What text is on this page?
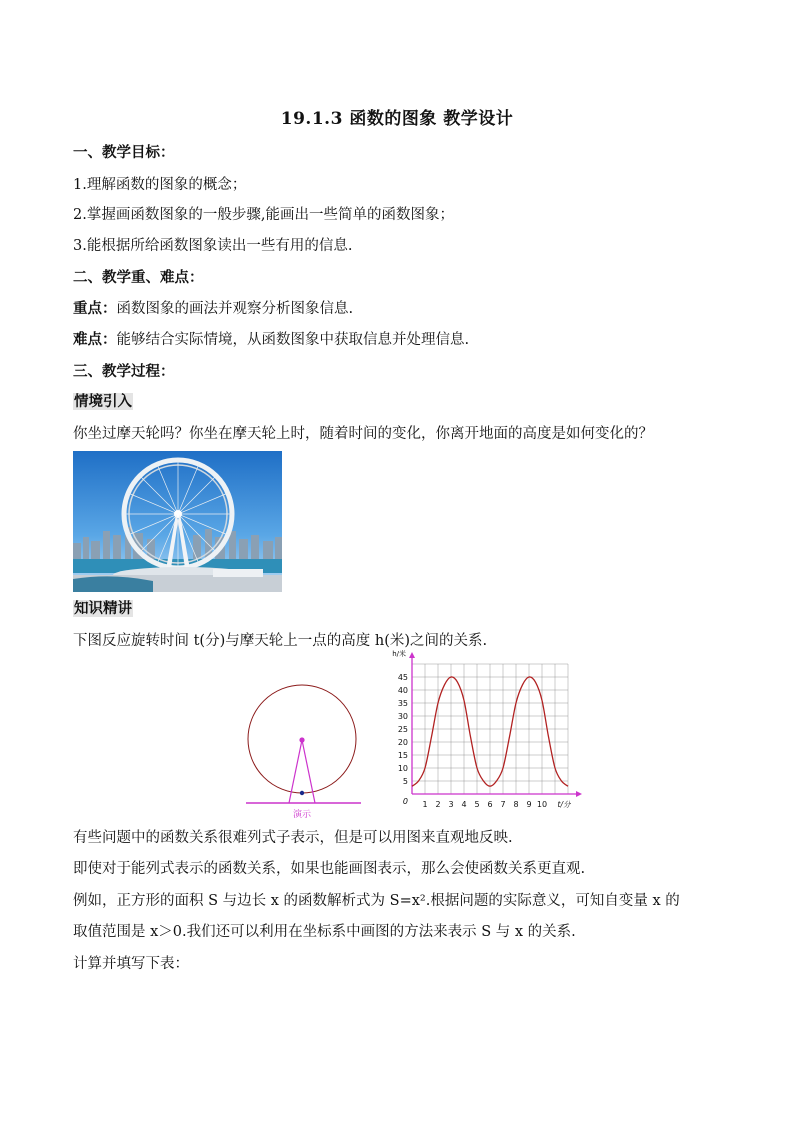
19.1.3 函数的图象 教学设计
一、教学目标：
1.理解函数的图象的概念；
2.掌握画函数图象的一般步骤,能画出一些简单的函数图象；
3.能根据所给函数图象读出一些有用的信息.
二、教学重、难点：
重点：函数图象的画法并观察分析图象信息.
难点：能够结合实际情境，从函数图象中获取信息并处理信息.
三、教学过程：
情境引入
你坐过摩天轮吗？你坐在摩天轮上时，随着时间的变化，你离开地面的高度是如何变化的？
知识精讲
下图反应旋转时间 t(分)与摩天轮上一点的高度 h(米)之间的关系.
演示
1 2 3 4 5 6 7 8 9 10
5
10
15
20
25
30
35
40
45
0	t/分
h/米
有些问题中的函数关系很难列式子表示，但是可以用图来直观地反映.
即使对于能列式表示的函数关系，如果也能画图表示，那么会使函数关系更直观.
例如，正方形的面积 S 与边长 x 的函数解析式为 S=x².根据问题的实际意义，可知自变量 x 的
取值范围是 x＞0.我们还可以利用在坐标系中画图的方法来表示 S 与 x 的关系.
计算并填写下表：
